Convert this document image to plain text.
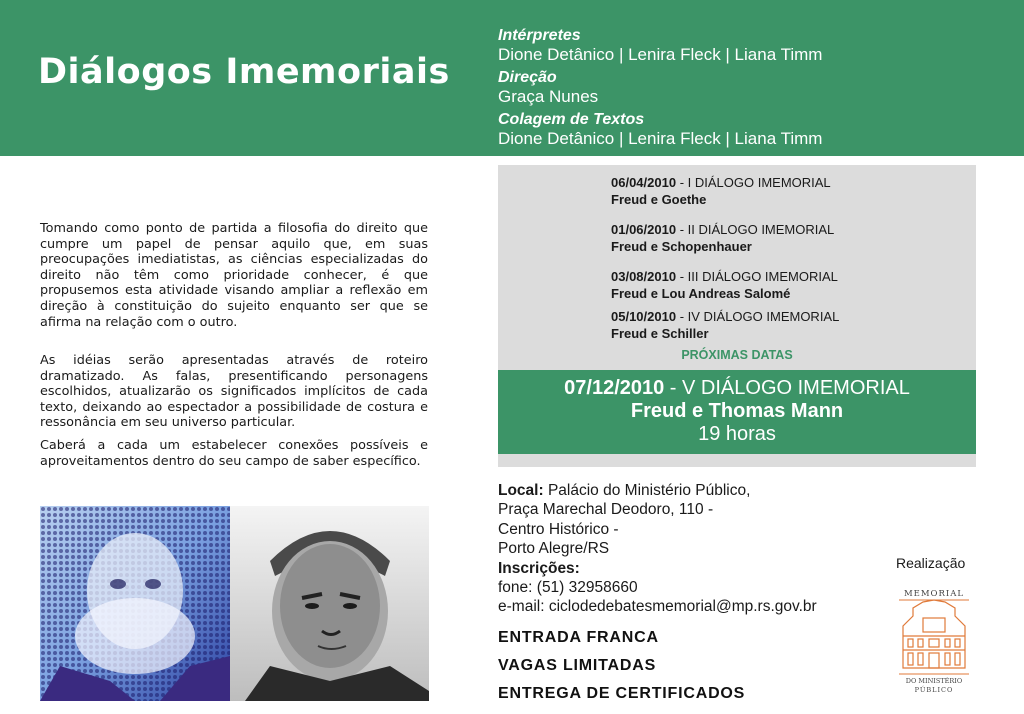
Diálogos Imemoriais
Intérpretes
Dione Detânico | Lenira Fleck | Liana Timm
Direção
Graça Nunes
Colagem de Textos
Dione Detânico | Lenira Fleck | Liana Timm
Tomando como ponto de partida a filosofia do direito que cumpre um papel de pensar aquilo que, em suas preocupações imediatistas, as ciências especializadas do direito não têm como prioridade conhecer, é que propusemos esta atividade visando ampliar a reflexão em direção à constituição do sujeito enquanto ser que se afirma na relação com o outro.
As idéias serão apresentadas através de roteiro dramatizado. As falas, presentificando personagens escolhidos, atualizarão os significados implícitos de cada texto, deixando ao espectador a possibilidade de costura e ressonância em seu universo particular.
Caberá a cada um estabelecer conexões possíveis e aproveitamentos dentro do seu campo de saber específico.
06/04/2010 - I DIÁLOGO IMEMORIAL
Freud e Goethe
01/06/2010 - II DIÁLOGO IMEMORIAL
Freud e Schopenhauer
03/08/2010 - III DIÁLOGO IMEMORIAL
Freud e Lou Andreas Salomé
05/10/2010 - IV DIÁLOGO IMEMORIAL
Freud e Schiller
PRÓXIMAS DATAS
07/12/2010 - V DIÁLOGO IMEMORIAL
Freud e Thomas Mann
19 horas
Local: Palácio do Ministério Público,
Praça Marechal Deodoro, 110 -
Centro Histórico -
Porto Alegre/RS
Inscrições:
fone: (51) 32958660
e-mail: ciclodedebatesmemorial@mp.rs.gov.br
ENTRADA FRANCA
VAGAS LIMITADAS
ENTREGA DE CERTIFICADOS
Realização
MEMORIAL
DO MINISTÉRIO
PÚBLICO
